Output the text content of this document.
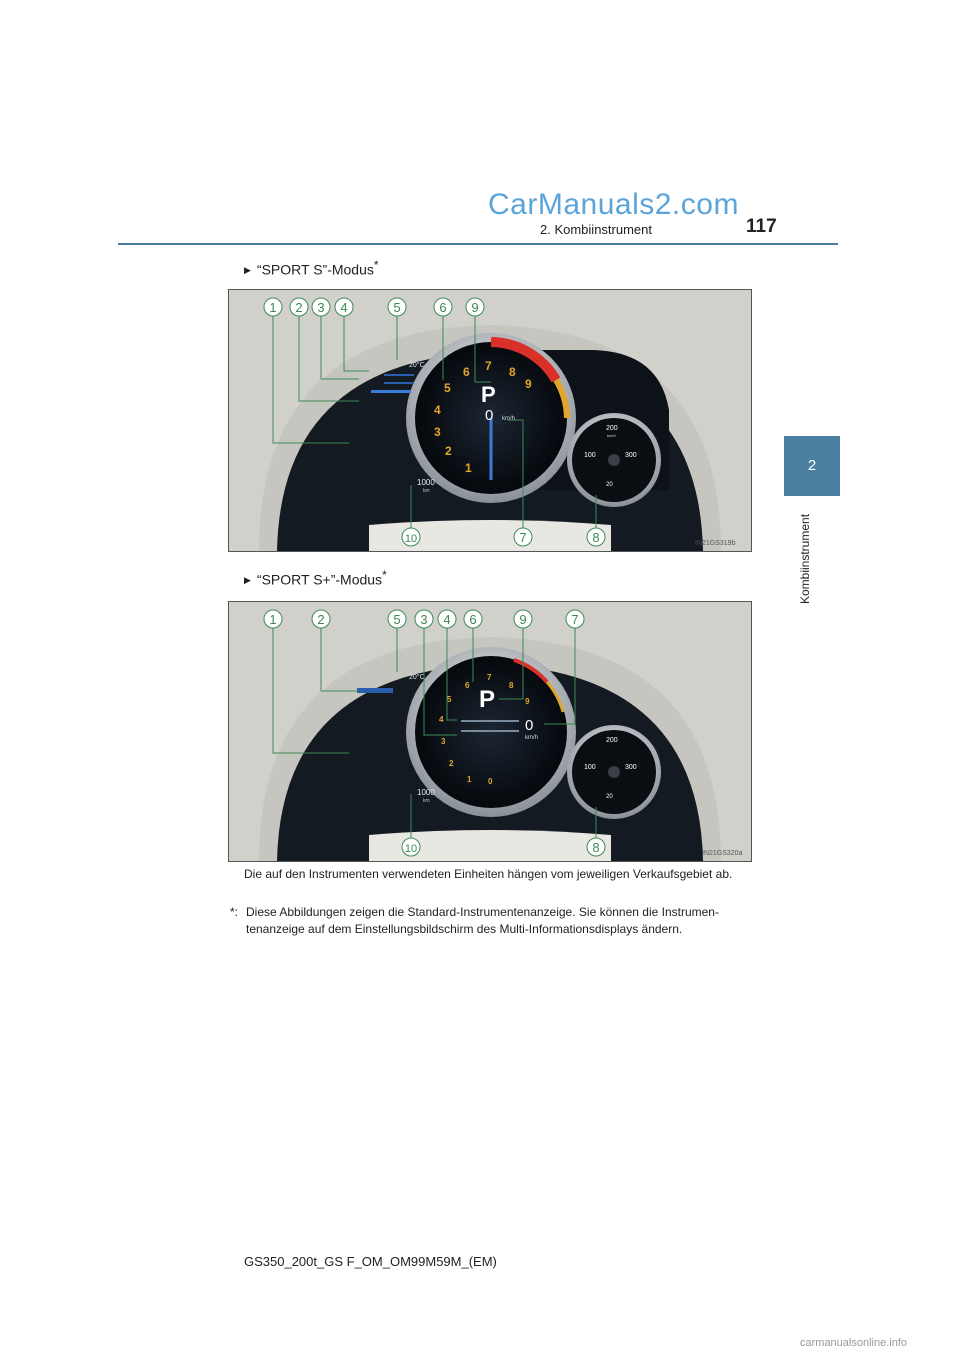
CarManuals2.com
2. Kombiinstrument	117
2
Kombiinstrument
▶ “SPORT S”-Modus*
1
2
3
4
5
6 7 8
9
P
0 km/h
Outside	20°C
1000
km
200
100	300
20
km/h
1 2 3 4	5	6 9
10	7	8	IN21GS319b
▶ “SPORT S+”-Modus*
0
1
2
3
4
5
6
7
8
9
P
0
km/h
Outside	20°C
1000
km
200
100	300
20
1	2	5 3 4 6	9	7
10	8	IN21GS320a
Die auf den Instrumenten verwendeten Einheiten hängen vom jeweiligen Verkaufsgebiet ab.
*: Diese Abbildungen zeigen die Standard-Instrumentenanzeige. Sie können die Instrumen-tenanzeige auf dem Einstellungsbildschirm des Multi-Informationsdisplays ändern.
GS350_200t_GS F_OM_OM99M59M_(EM)
carmanualsonline.info
